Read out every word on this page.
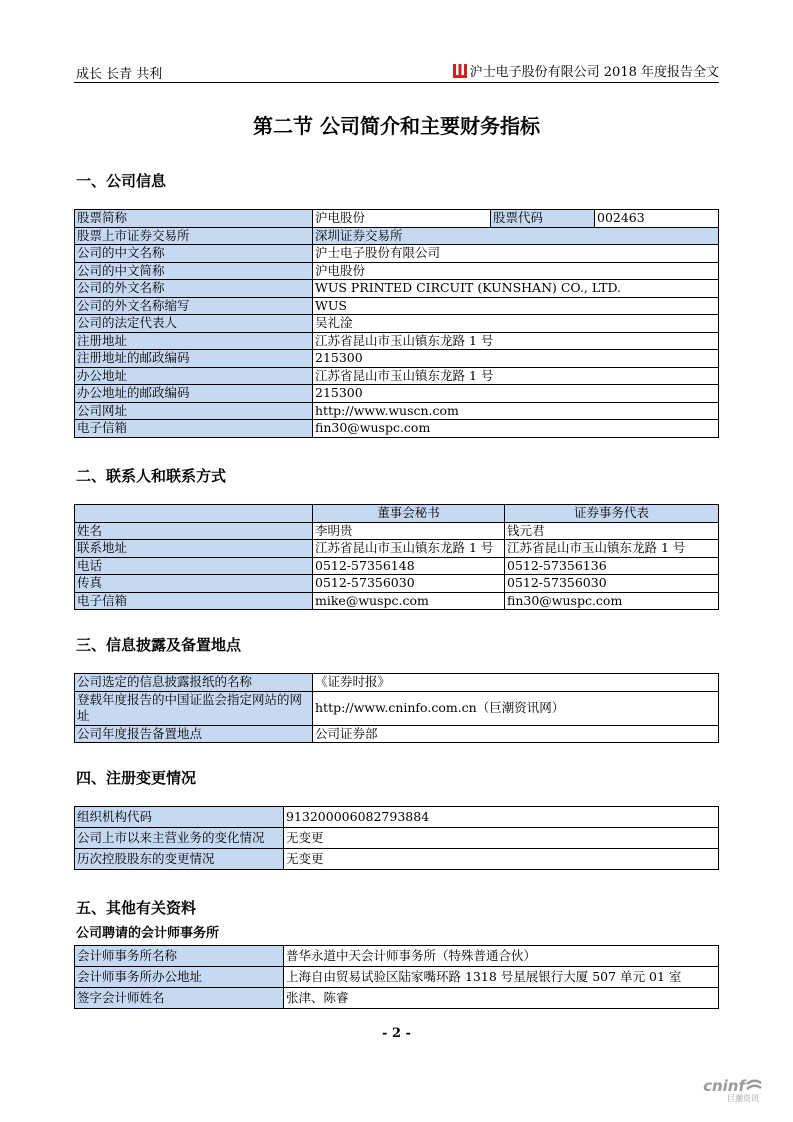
成长 长青 共利	沪士电子股份有限公司 2018 年度报告全文
第二节 公司简介和主要财务指标
一、公司信息
股票简称	沪电股份	股票代码	002463
股票上市证券交易所	深圳证券交易所		
公司的中文名称	沪士电子股份有限公司		
公司的中文简称	沪电股份		
公司的外文名称	WUS PRINTED CIRCUIT (KUNSHAN) CO., LTD.		
公司的外文名称缩写	WUS		
公司的法定代表人	吴礼淦		
注册地址	江苏省昆山市玉山镇东龙路 1 号		
注册地址的邮政编码	215300		
办公地址	江苏省昆山市玉山镇东龙路 1 号		
办公地址的邮政编码	215300		
公司网址	http://www.wuscn.com		
电子信箱	fin30@wuspc.com		
二、联系人和联系方式
	董事会秘书	证券事务代表
姓名	李明贵	钱元君
联系地址	江苏省昆山市玉山镇东龙路 1 号	江苏省昆山市玉山镇东龙路 1 号
电话	0512-57356148	0512-57356136
传真	0512-57356030	0512-57356030
电子信箱	mike@wuspc.com	fin30@wuspc.com
三、信息披露及备置地点
公司选定的信息披露报纸的名称	《证券时报》
登载年度报告的中国证监会指定网站的网址	http://www.cninfo.com.cn（巨潮资讯网）
公司年度报告备置地点	公司证券部
四、注册变更情况
组织机构代码	913200006082793884
公司上市以来主营业务的变化情况	无变更
历次控股股东的变更情况	无变更
五、其他有关资料
公司聘请的会计师事务所
会计师事务所名称	普华永道中天会计师事务所（特殊普通合伙）
会计师事务所办公地址	上海自由贸易试验区陆家嘴环路 1318 号星展银行大厦 507 单元 01 室
签字会计师姓名	张津、陈睿
- 2 -
cninf
巨潮资讯
